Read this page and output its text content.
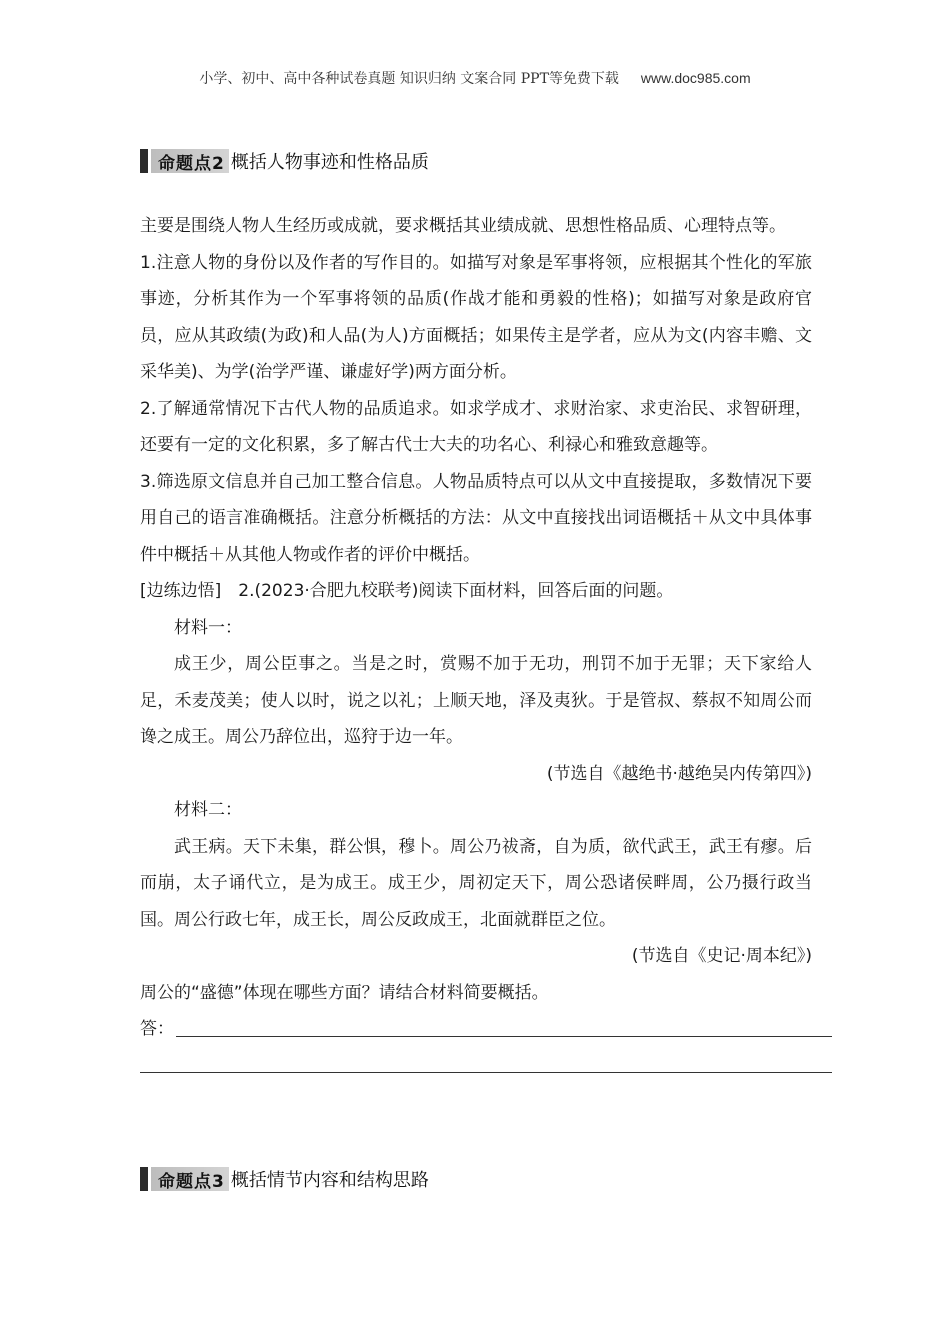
小学、初中、高中各种试卷真题 知识归纳 文案合同 PPT等免费下载 www.doc985.com
命题点2 概括人物事迹和性格品质

主要是围绕人物人生经历或成就，要求概括其业绩成就、思想性格品质、心理特点等。

1.注意人物的身份以及作者的写作目的。如描写对象是军事将领，应根据其个性化的军旅事迹，分析其作为一个军事将领的品质(作战才能和勇毅的性格)；如描写对象是政府官员，应从其政绩(为政)和人品(为人)方面概括；如果传主是学者，应从为文(内容丰赡、文采华美)、为学(治学严谨、谦虚好学)两方面分析。

2.了解通常情况下古代人物的品质追求。如求学成才、求财治家、求吏治民、求智研理，还要有一定的文化积累，多了解古代士大夫的功名心、利禄心和雅致意趣等。

3.筛选原文信息并自己加工整合信息。人物品质特点可以从文中直接提取，多数情况下要用自己的语言准确概括。注意分析概括的方法：从文中直接找出词语概括＋从文中具体事件中概括＋从其他人物或作者的评价中概括。

[边练边悟]　2.(2023·合肥九校联考)阅读下面材料，回答后面的问题。

材料一：

成王少，周公臣事之。当是之时，赏赐不加于无功，刑罚不加于无罪；天下家给人足，禾麦茂美；使人以时，说之以礼；上顺天地，泽及夷狄。于是管叔、蔡叔不知周公而谗之成王。周公乃辞位出，巡狩于边一年。

(节选自《越绝书·越绝吴内传第四》)

材料二：

武王病。天下未集，群公惧，穆卜。周公乃祓斋，自为质，欲代武王，武王有瘳。后而崩，太子诵代立，是为成王。成王少，周初定天下，周公恐诸侯畔周，公乃摄行政当国。周公行政七年，成王长，周公反政成王，北面就群臣之位。

(节选自《史记·周本纪》)

周公的“盛德”体现在哪些方面？请结合材料简要概括。

答：
命题点3 概括情节内容和结构思路
